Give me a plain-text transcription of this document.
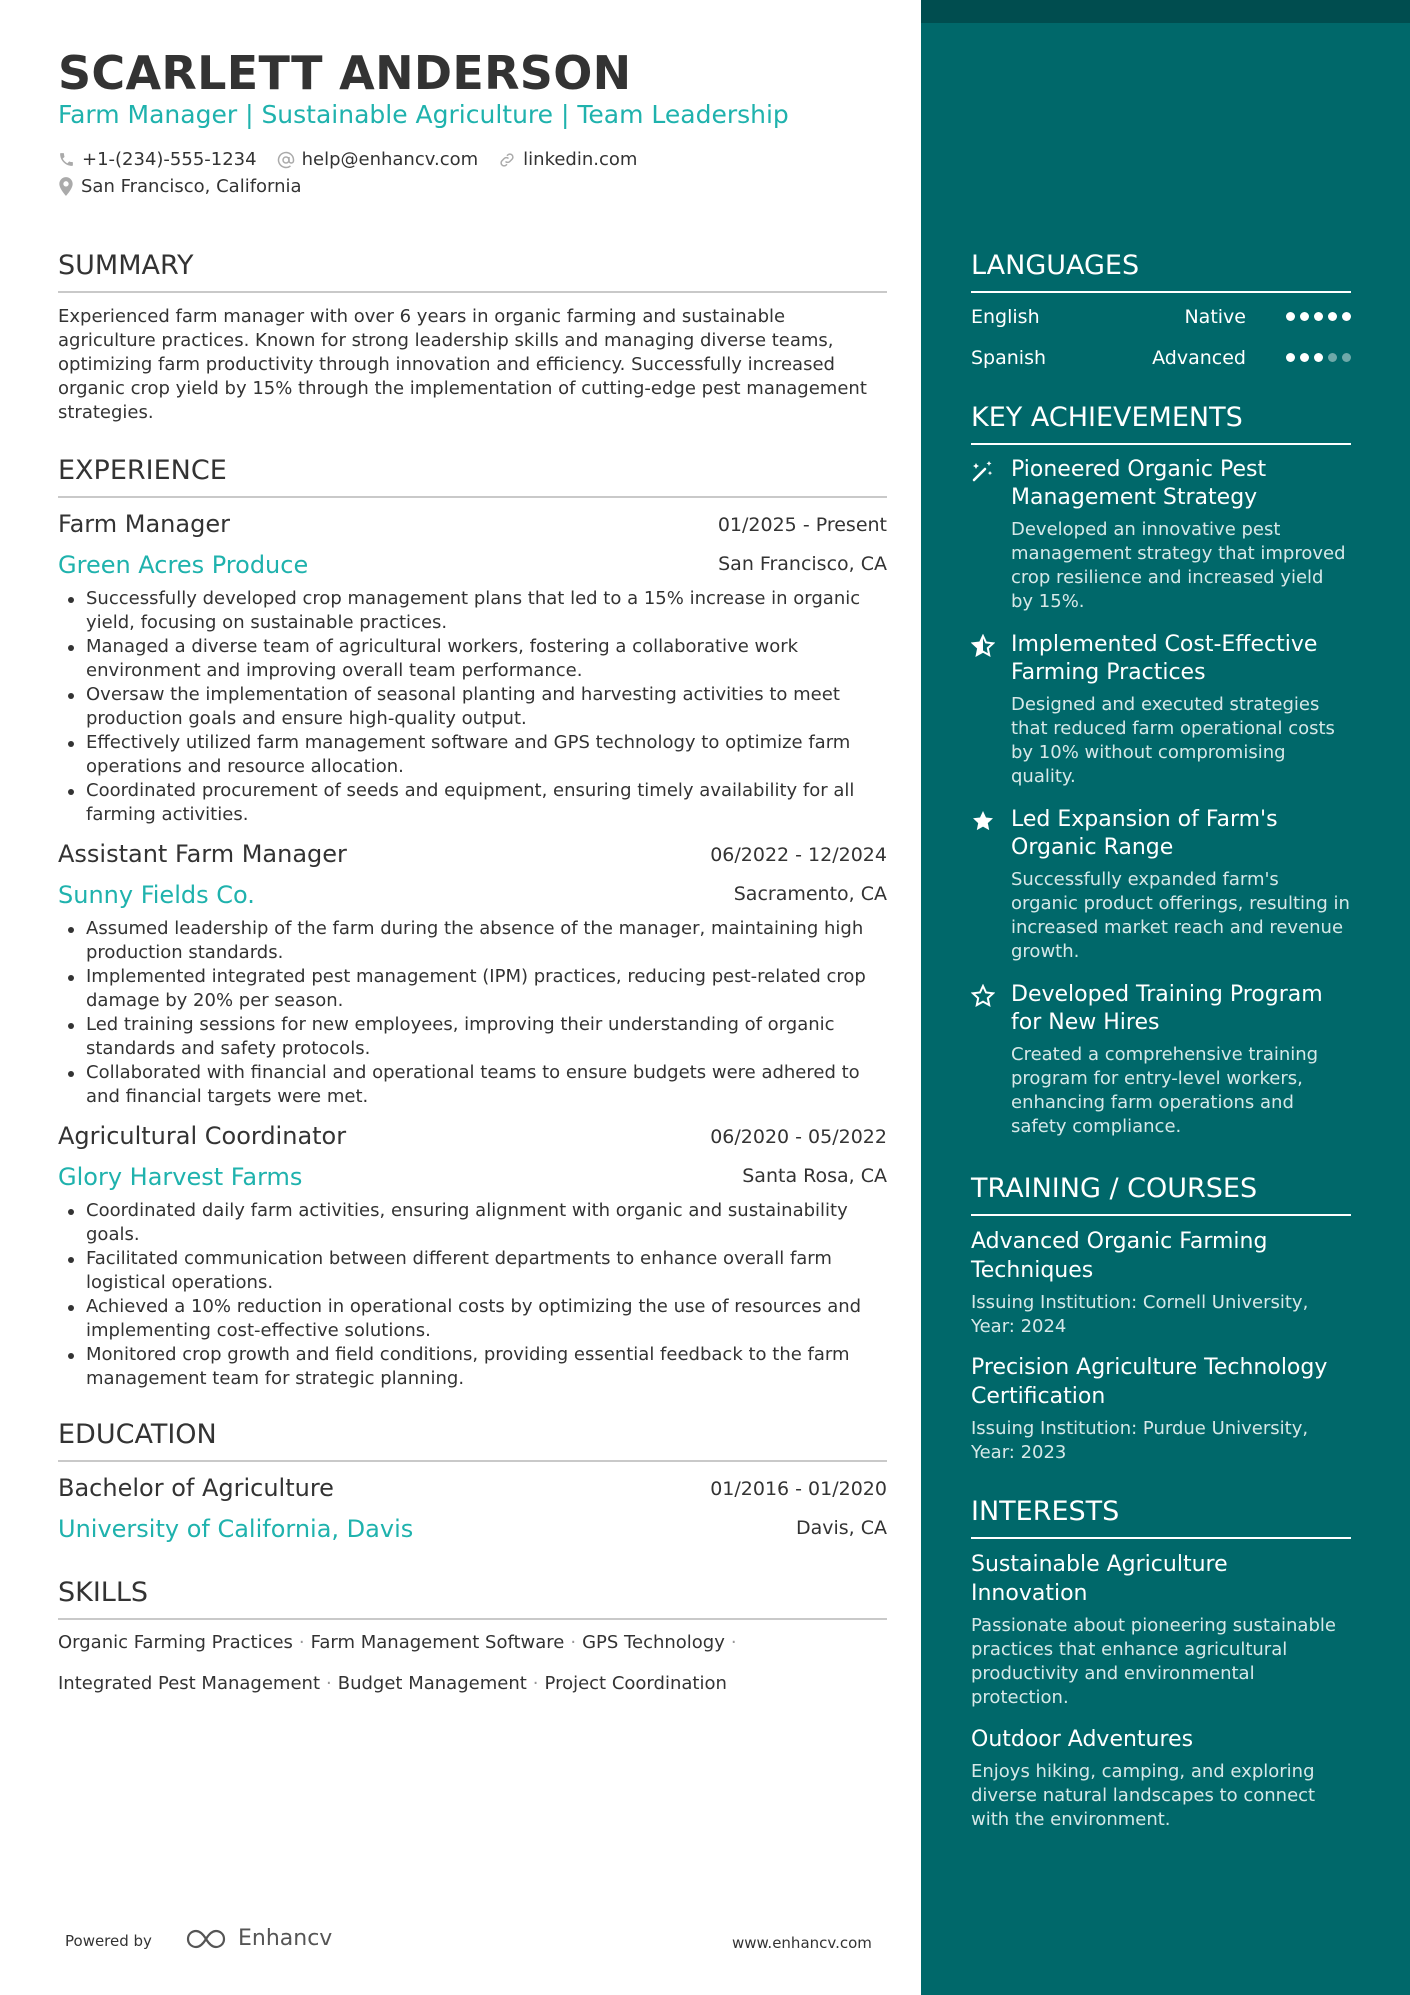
SCARLETT ANDERSON
Farm Manager | Sustainable Agriculture | Team Leadership
+1-(234)-555-1234	help@enhancv.com	linkedin.com
San Francisco, California
SUMMARY
Experienced farm manager with over 6 years in organic farming and sustainable agriculture practices. Known for strong leadership skills and managing diverse teams, optimizing farm productivity through innovation and efficiency. Successfully increased organic crop yield by 15% through the implementation of cutting-edge pest management strategies.
EXPERIENCE
Farm Manager	01/2025 - Present
Green Acres Produce	San Francisco, CA
Successfully developed crop management plans that led to a 15% increase in organic yield, focusing on sustainable practices.
Managed a diverse team of agricultural workers, fostering a collaborative work environment and improving overall team performance.
Oversaw the implementation of seasonal planting and harvesting activities to meet production goals and ensure high-quality output.
Effectively utilized farm management software and GPS technology to optimize farm operations and resource allocation.
Coordinated procurement of seeds and equipment, ensuring timely availability for all farming activities.
Assistant Farm Manager	06/2022 - 12/2024
Sunny Fields Co.	Sacramento, CA
Assumed leadership of the farm during the absence of the manager, maintaining high production standards.
Implemented integrated pest management (IPM) practices, reducing pest-related crop damage by 20% per season.
Led training sessions for new employees, improving their understanding of organic standards and safety protocols.
Collaborated with financial and operational teams to ensure budgets were adhered to and financial targets were met.
Agricultural Coordinator	06/2020 - 05/2022
Glory Harvest Farms	Santa Rosa, CA
Coordinated daily farm activities, ensuring alignment with organic and sustainability goals.
Facilitated communication between different departments to enhance overall farm logistical operations.
Achieved a 10% reduction in operational costs by optimizing the use of resources and implementing cost-effective solutions.
Monitored crop growth and field conditions, providing essential feedback to the farm management team for strategic planning.
EDUCATION
Bachelor of Agriculture	01/2016 - 01/2020
University of California, Davis	Davis, CA
SKILLS
Organic Farming Practices · Farm Management Software · GPS Technology ·
Integrated Pest Management · Budget Management · Project Coordination
Powered by	Enhancv	www.enhancv.com
LANGUAGES
English	Native
Spanish	Advanced
KEY ACHIEVEMENTS
Pioneered Organic Pest Management Strategy
Developed an innovative pest management strategy that improved crop resilience and increased yield by 15%.
Implemented Cost-Effective Farming Practices
Designed and executed strategies that reduced farm operational costs by 10% without compromising quality.
Led Expansion of Farm's Organic Range
Successfully expanded farm's organic product offerings, resulting in increased market reach and revenue growth.
Developed Training Program for New Hires
Created a comprehensive training program for entry-level workers, enhancing farm operations and safety compliance.
TRAINING / COURSES
Advanced Organic Farming Techniques
Issuing Institution: Cornell University, Year: 2024
Precision Agriculture Technology Certification
Issuing Institution: Purdue University, Year: 2023
INTERESTS
Sustainable Agriculture Innovation
Passionate about pioneering sustainable practices that enhance agricultural productivity and environmental protection.
Outdoor Adventures
Enjoys hiking, camping, and exploring diverse natural landscapes to connect with the environment.
